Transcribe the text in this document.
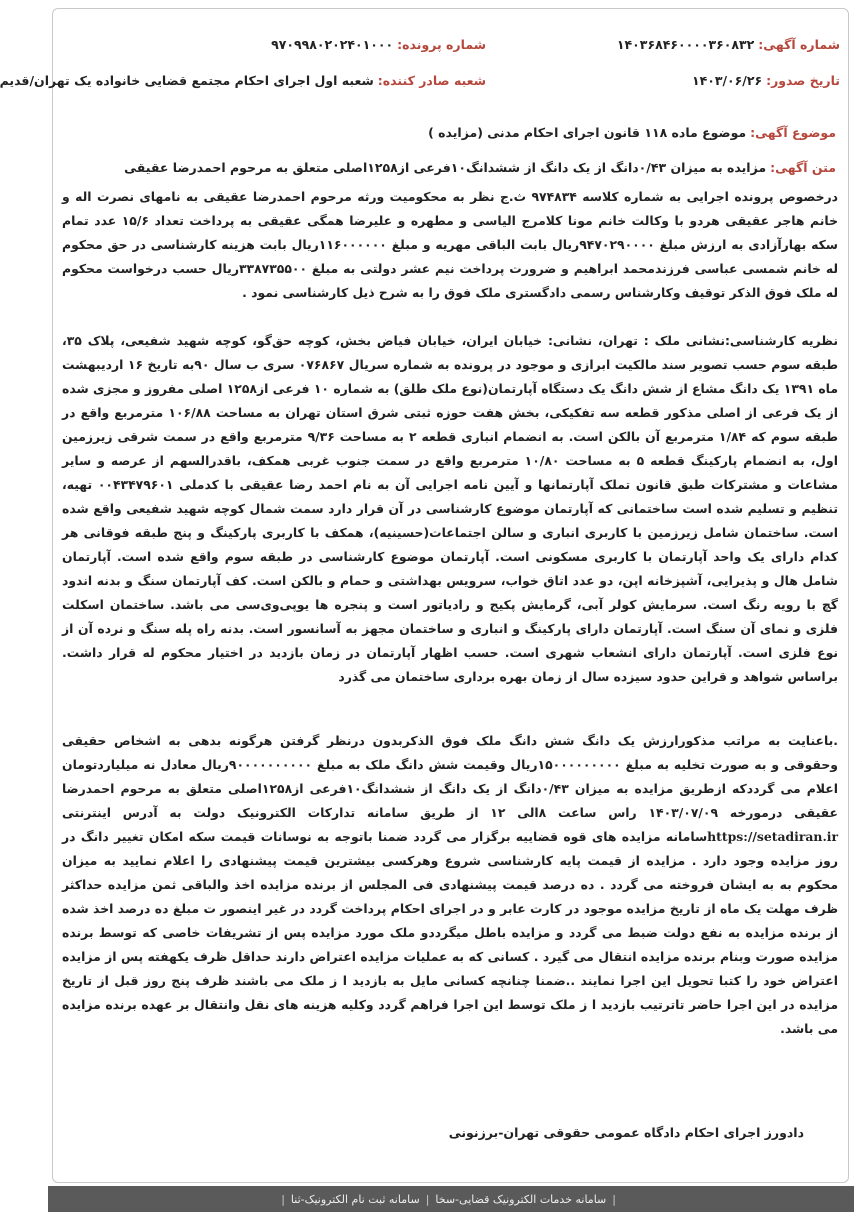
شماره آگهی: ۱۴۰۳۶۸۴۶۰۰۰۰۳۶۰۸۳۲
شماره پرونده: ۹۷۰۹۹۸۰۲۰۲۴۰۱۰۰۰
تاریخ صدور: ۱۴۰۳/۰۶/۲۶
شعبه صادر کننده: شعبه اول اجرای احکام مجتمع قضایی خانواده یک تهران/قدیم
موضوع آگهی: موضوع ماده ۱۱۸ قانون اجرای احکام مدنی (مزایده )
متن آگهی: مزایده به میزان ۰/۴۳دانگ از یک دانگ از ششدانگ۱۰فرعی از۱۲۵۸اصلی متعلق به مرحوم احمدرضا عقیقی

درخصوص پرونده اجرایی به شماره کلاسه ۹۷۴۸۳۴ ث.ج نظر به محکومیت ورثه مرحوم احمدرضا عقیقی به نامهای نصرت اله و خانم هاجر عقیقی هردو با وکالت خانم مونا کلامرج الیاسی و مطهره و علیرضا همگی عقیقی به پرداخت تعداد ۱۵/۶ عدد تمام سکه بهارآزادی به ارزش مبلغ ۹۴۷۰۲۹۰۰۰۰ریال بابت الباقی مهریه و مبلغ ۱۱۶۰۰۰۰۰۰ریال بابت هزینه کارشناسی در حق محکوم له خانم شمسی عباسی فرزندمحمد ابراهیم و ضرورت پرداخت نیم عشر دولتی به مبلغ ۳۳۸۷۳۵۵۰۰ریال حسب درخواست محکوم له ملک فوق الذکر توقیف وکارشناس رسمی دادگستری ملک فوق را به شرح ذیل کارشناسی نمود .

نظریه کارشناسی:نشانی ملک : تهران، نشانی: خیابان ایران، خیابان فیاض بخش، کوچه حق‌گو، کوچه شهید شفیعی، پلاک ۳۵، طبقه سوم حسب تصویر سند مالکیت ابرازی و موجود در پرونده به شماره سریال ۰۷۶۸۶۷ سری ب سال ۹۰به تاریخ ۱۶ اردیبهشت ماه ۱۳۹۱ یک دانگ مشاع از شش دانگ یک دستگاه آپارتمان(نوع ملک طلق) به شماره ۱۰ فرعی از۱۲۵۸ اصلی مفروز و مجزی شده از یک فرعی از اصلی مذکور قطعه سه تفکیکی، بخش هفت حوزه ثبتی شرق استان تهران به مساحت ۱۰۶/۸۸ مترمربع واقع در طبقه سوم که ۱/۸۴ مترمربع آن بالکن است. به انضمام انباری قطعه ۲ به مساحت ۹/۳۶ مترمربع واقع در سمت شرقی زیرزمین اول، به انضمام پارکینگ قطعه ۵ به مساحت ۱۰/۸۰ مترمربع واقع در سمت جنوب غربی همکف، باقدرالسهم از عرصه و سایر مشاعات و مشترکات طبق قانون تملک آپارتمانها و آیین نامه اجرایی آن به نام احمد رضا عقیقی با کدملی ۰۰۴۳۴۷۹۶۰۱ تهیه، تنظیم و تسلیم شده است ساختمانی که آپارتمان موضوع کارشناسی در آن قرار دارد سمت شمال کوچه شهید شفیعی واقع شده است. ساختمان شامل زیرزمین با کاربری انباری و سالن اجتماعات(حسینیه)، همکف با کاربری پارکینگ و پنج طبقه فوقانی هر کدام دارای یک واحد آپارتمان با کاربری مسکونی است. آپارتمان موضوع کارشناسی در طبقه سوم واقع شده است. آپارتمان شامل هال و پذیرایی، آشپزخانه اپن، دو عدد اتاق خواب، سرویس بهداشتی و حمام و بالکن است. کف آپارتمان سنگ و بدنه اندود گچ با رویه رنگ است. سرمایش کولر آبی، گرمایش پکیج و رادیاتور است و پنجره ها یوپی‌وی‌سی می باشد. ساختمان اسکلت فلزی و نمای آن سنگ است. آپارتمان دارای پارکینگ و انباری و ساختمان مجهز به آسانسور است. بدنه راه پله سنگ و نرده آن از نوع فلزی است. آپارتمان دارای انشعاب شهری است. حسب اظهار آپارتمان در زمان بازدید در اختیار محکوم له قرار داشت. براساس شواهد و قراین حدود سیزده سال از زمان بهره برداری ساختمان می گذرد

.باعنایت به مراتب مذکورارزش یک دانگ شش دانگ ملک فوق الذکربدون درنظر گرفتن هرگونه بدهی به اشخاص حقیقی وحقوقی و به صورت تخلیه به مبلغ ۱۵۰۰۰۰۰۰۰۰۰ریال وقیمت شش دانگ ملک به مبلغ ۹۰۰۰۰۰۰۰۰۰۰ریال معادل نه میلیاردتومان اعلام می گرددکه ازطریق مزایده به میزان ۰/۴۳دانگ از یک دانگ از ششدانگ۱۰فرعی از۱۲۵۸اصلی متعلق به مرحوم احمدرضا عقیقی درمورخه ۱۴۰۳/۰۷/۰۹ راس ساعت ۸الی ۱۲ از طریق سامانه تدارکات الکترونیک دولت به آدرس اینترنتی https://setadiran.irسامانه مزایده های قوه قضاییه برگزار می گردد ضمنا باتوجه به نوسانات قیمت سکه امکان تغییر دانگ در روز مزایده وجود دارد . مزایده از قیمت پایه کارشناسی شروع وهرکسی بیشترین قیمت پیشنهادی را اعلام نمایید به میزان محکوم به به ایشان فروخته می گردد . ده درصد قیمت پیشنهادی فی المجلس از برنده مزایده اخذ والباقی ثمن مزایده حداکثر ظرف مهلت یک ماه از تاریخ مزایده موجود در کارت عابر و در اجرای احکام پرداخت گردد در غیر اینصور ت مبلغ ده درصد اخذ شده از برنده مزایده به نفع دولت ضبط می گردد و مزایده باطل میگرددو ملک مورد مزایده پس از تشریفات خاصی که توسط برنده مزایده صورت وبنام برنده مزایده انتقال می گیرد . کسانی که به عملیات مزایده اعتراض دارند حداقل ظرف یکهفته پس از مزایده اعتراض خود را کتبا تحویل این اجرا نمایند ..ضمنا چنانچه کسانی مایل به بازدید ا ز ملک می باشند ظرف پنج روز قبل از تاریخ مزایده در این اجرا حاضر تاترتیب بازدید ا ز ملک توسط این اجرا فراهم گردد وکلیه هزینه های نقل وانتقال بر عهده برنده مزایده می باشد.

دادورز اجرای احکام دادگاه عمومی حقوقی تهران-برزنونی
|
سامانه خدمات الکترونیک قضایی-سخا
|
سامانه ثبت نام الکترونیک-ثنا
|
